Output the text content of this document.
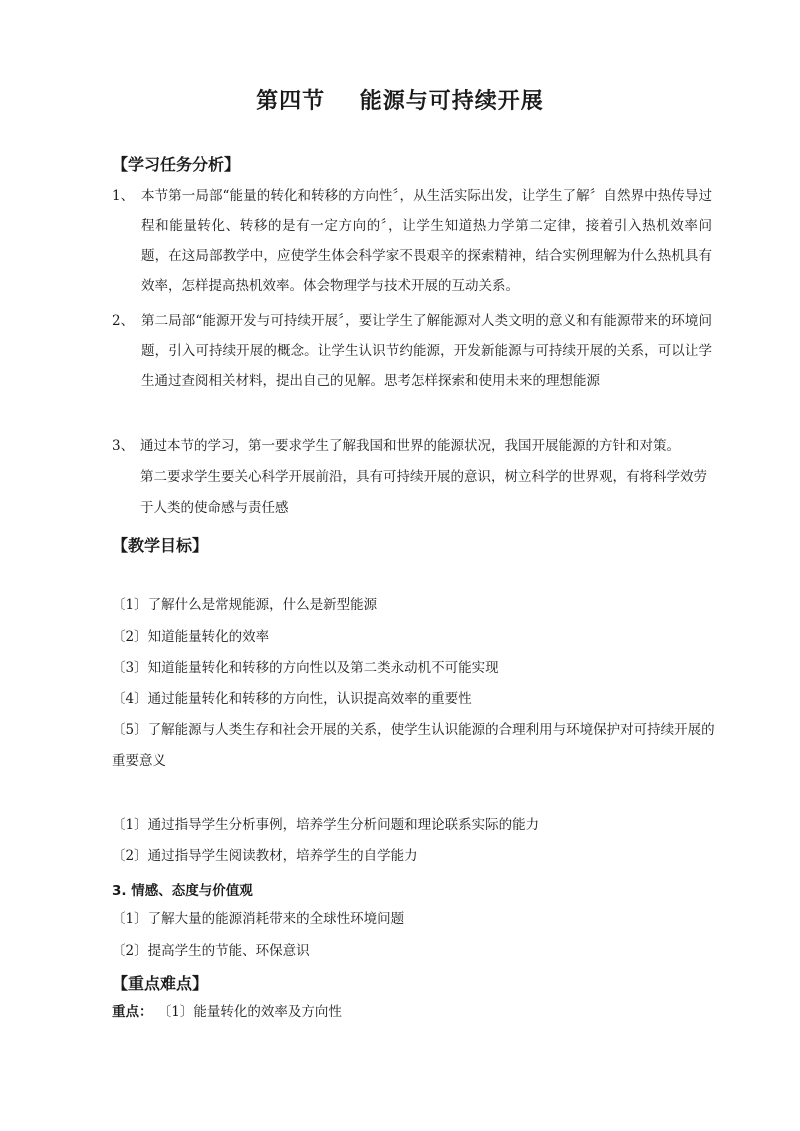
第四节    能源与可持续开展
【学习任务分析】
1、 本节第一局部“能量的转化和转移的方向性〞，从生活实际出发，让学生了解〞自然界中热传导过程和能量转化、转移的是有一定方向的〞，让学生知道热力学第二定律，接着引入热机效率问题，在这局部教学中，应使学生体会科学家不畏艰辛的探索精神，结合实例理解为什么热机具有效率，怎样提高热机效率。体会物理学与技术开展的互动关系。
2、 第二局部“能源开发与可持续开展〞，要让学生了解能源对人类文明的意义和有能源带来的环境问题，引入可持续开展的概念。让学生认识节约能源，开发新能源与可持续开展的关系，可以让学生通过查阅相关材料，提出自己的见解。思考怎样探索和使用未来的理想能源
3、 通过本节的学习，第一要求学生了解我国和世界的能源状况，我国开展能源的方针和对策。
第二要求学生要关心科学开展前沿，具有可持续开展的意识，树立科学的世界观，有将科学效劳于人类的使命感与责任感
【教学目标】
〔1〕了解什么是常规能源，什么是新型能源
〔2〕知道能量转化的效率
〔3〕知道能量转化和转移的方向性以及第二类永动机不可能实现
〔4〕通过能量转化和转移的方向性，认识提高效率的重要性
〔5〕了解能源与人类生存和社会开展的关系，使学生认识能源的合理利用与环境保护对可持续开展的重要意义
〔1〕通过指导学生分析事例，培养学生分析问题和理论联系实际的能力
〔2〕通过指导学生阅读教材，培养学生的自学能力
3. 情感、态度与价值观
〔1〕了解大量的能源消耗带来的全球性环境问题
〔2〕提高学生的节能、环保意识
【重点难点】
重点： 〔1〕能量转化的效率及方向性
